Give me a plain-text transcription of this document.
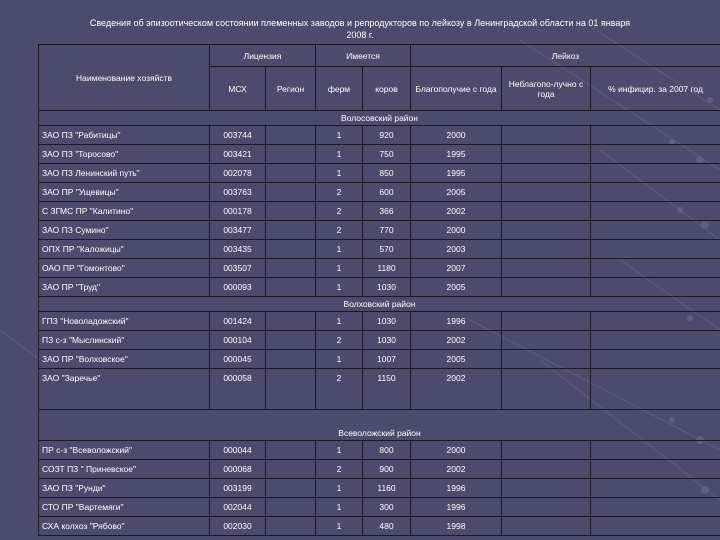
Сведения об эпизоотическом состоянии племенных заводов и репродукторов по лейкозу в Ленинградской области на 01 января
2008 г.
Наименование хозяйств	Лицензия		Имеется		Лейкоз		
	МСХ	Регион	ферм	коров	Благополучие с года	Неблагопо-лучно с года	% инфицир. за 2007 год
Волосовский район							
ЗАО ПЗ "Рабитицы"	003744		1	920	2000		
ЗАО ПЗ "Торосово"	003421		1	750	1995		
ЗАО ПЗ Ленинский путь"	002078		1	850	1995		
ЗАО ПР "Ущевицы"	003763		2	600	2005		
С ЗГМС ПР "Калитино"	000178		2	366	2002		
ЗАО ПЗ Сумино"	003477		2	770	2000		
ОПХ ПР "Каложицы"	003435		1	570	2003		
ОАО ПР "Гомонтово"	003507		1	1180	2007		
ЗАО ПР "Труд"	000093		1	1030	2005		
Волховский район							
ГПЗ "Новоладожский"	001424		1	1030	1996		
ПЗ с-з "Мыслинский"	000104		2	1030	2002		
ЗАО ПР "Волховское"	000045		1	1007	2005		
ЗАО "Заречье"	000058		2	1150	2002		
Всеволожский район							
ПР с-з "Всеволожский"	000044		1	800	2000		
СОЗТ ПЗ " Приневское"	000068		2	900	2002		
ЗАО ПЗ "Рунди"	003199		1	1160	1996		
СТО ПР "Вартемяги"	002044		1	300	1996		
СХА колхоз "Рябово"	002030		1	480	1998		
